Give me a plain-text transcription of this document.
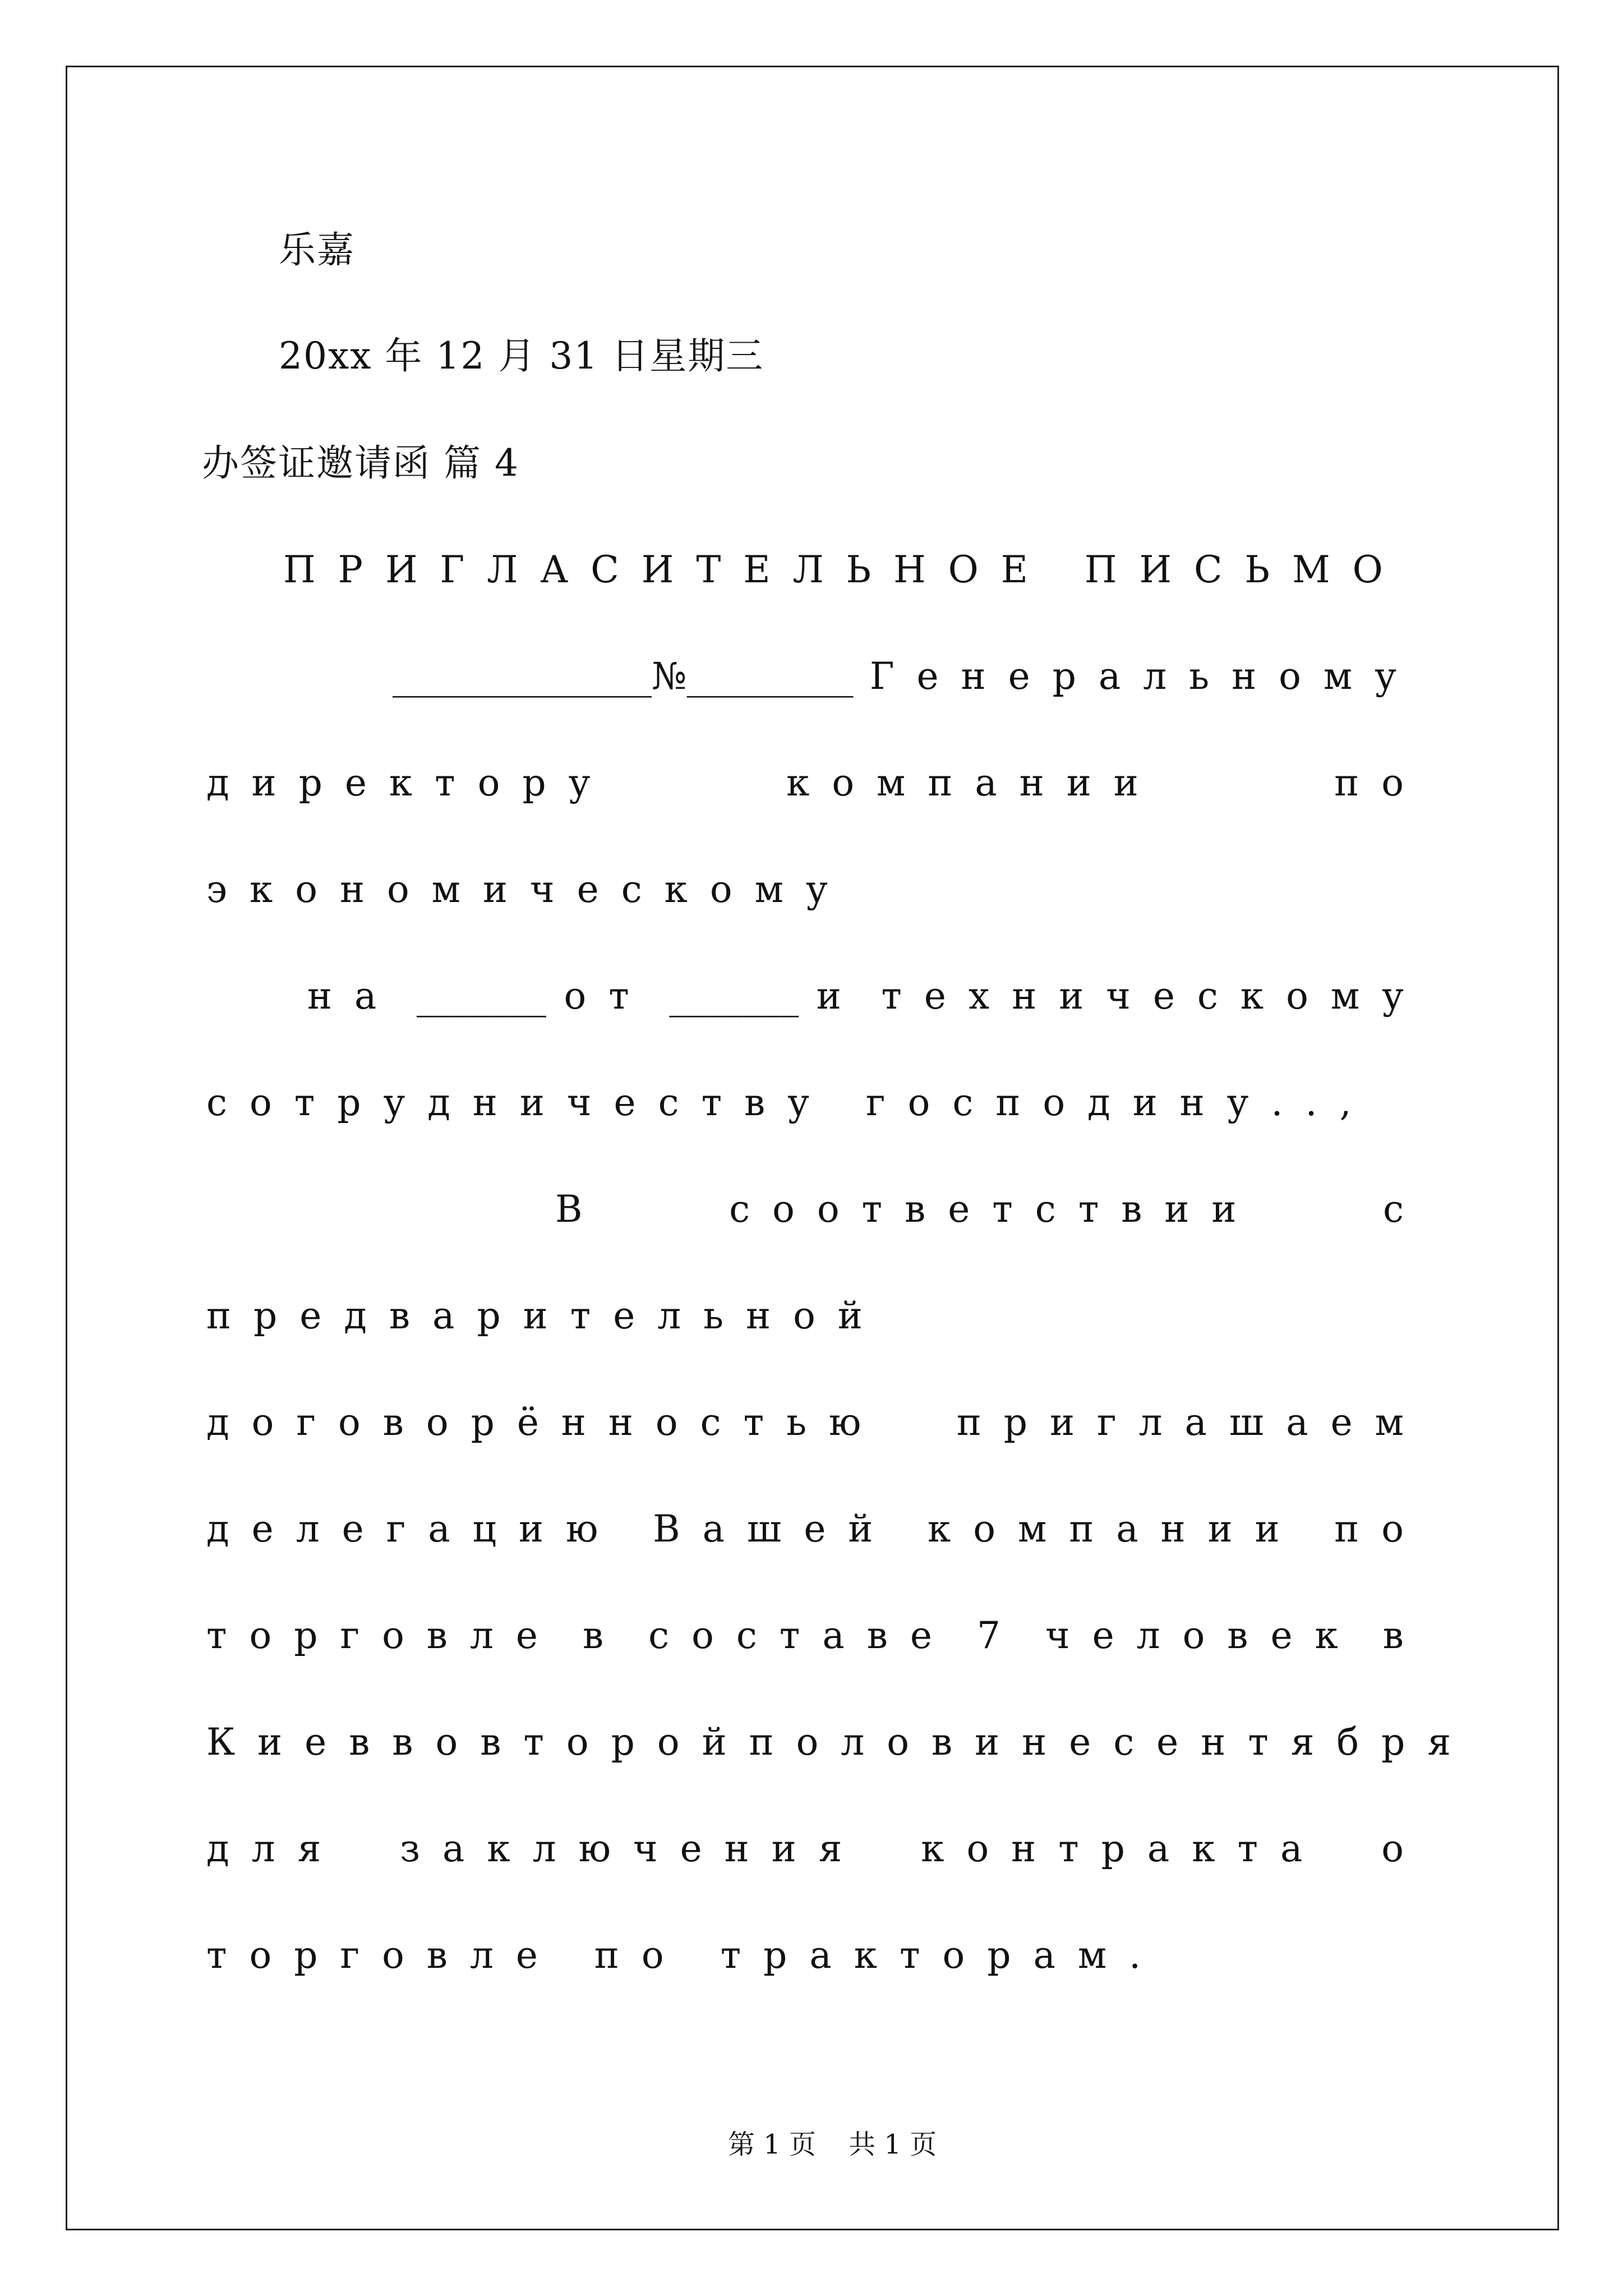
乐嘉
20xx 年 12 月 31 日星期三
办签证邀请函 篇 4
ПРИГЛАСИТЕЛЬНОЕ ПИСЬМО
______________№_________ Генеральному
директору	компании	по
экономическому
на _______ от _______ и техническому
сотрудничеству господину..,
В	соответствии	с
предварительной
договорённостью приглашаем
делегацию Вашей компании по
торговле в составе 7 человек в
Киев во второй половине сентября
для заключения контракта о
торговле по тракторам.
第 1 页 共 1 页
